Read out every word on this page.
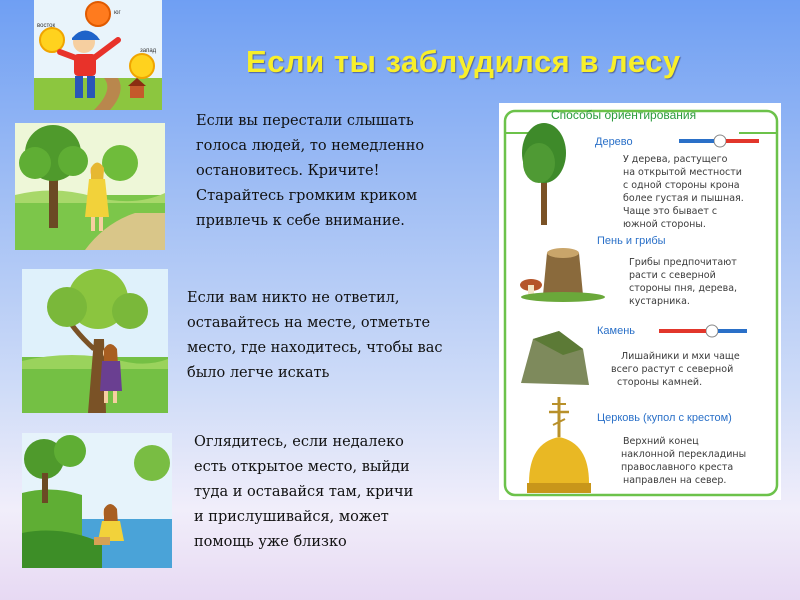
Если ты заблудился в лесу
восток
юг
запад

Если вы перестали слышать
голоса людей, то немедленно
остановитесь. Кричите!
Старайтесь громким криком
привлечь к себе внимание.

Если вам никто не ответил,
оставайтесь на месте, отметьте
место, где находитесь, чтобы вас
было легче искать

Оглядитесь, если недалеко
есть открытое место, выйди
туда и оставайся там, кричи
и прислушивайся, может
помощь уже близко

Способы ориентирования
Дерево
У дерева, растущего на открытой местности с одной стороны крона более густая и пышная. Чаще это бывает с южной стороны.
Пень и грибы
Грибы предпочитают расти с северной стороны пня, дерева, кустарника.
Камень
Лишайники и мхи чаще всего растут с северной стороны камней.
Церковь (купол с крестом)
Верхний конец наклонной перекладины православного креста направлен на север.
